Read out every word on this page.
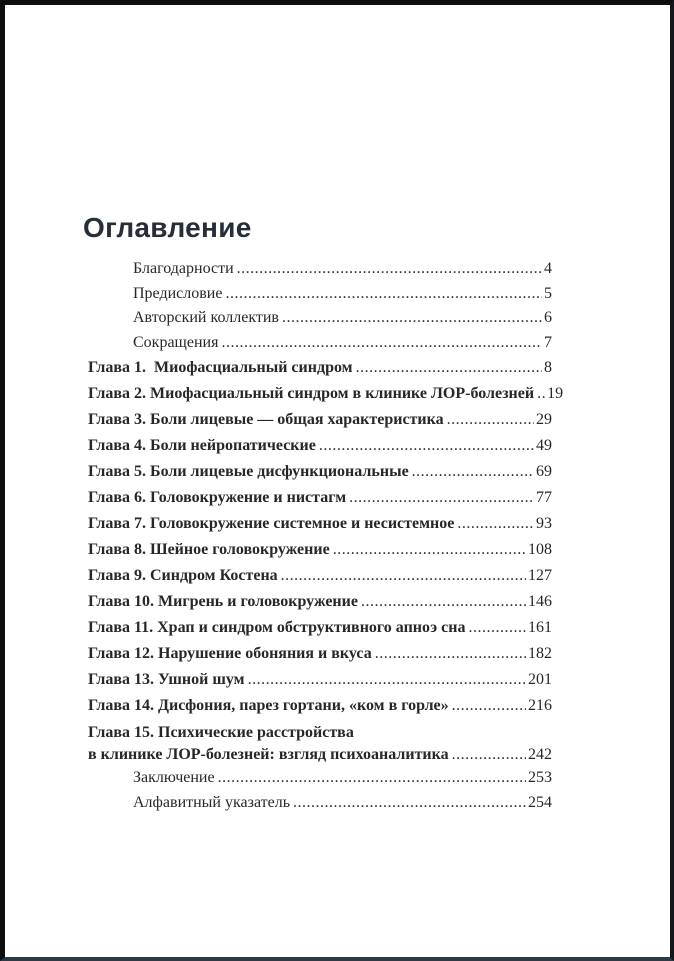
Оглавление
Благодарности .....	4
Предисловие .....	5
Авторский коллектив .....	6
Сокращения .....	7
Глава 1.  Миофасциальный синдром .....	8
Глава 2. Миофасциальный синдром в клинике ЛОР-болезней ..... 19
Глава 3. Боли лицевые — общая характеристика .....	29
Глава 4. Боли нейропатические .....	49
Глава 5. Боли лицевые дисфункциональные .....	69
Глава 6. Головокружение и нистагм .....	77
Глава 7. Головокружение системное и несистемное .....	93
Глава 8. Шейное головокружение .....	108
Глава 9. Синдром Костена .....	127
Глава 10. Мигрень и головокружение .....	146
Глава 11. Храп и синдром обструктивного апноэ сна .....	161
Глава 12. Нарушение обоняния и вкуса .....	182
Глава 13. Ушной шум .....	201
Глава 14. Дисфония, парез гортани, «ком в горле» .....	216
Глава 15. Психические расстройства
в клинике ЛОР-болезней: взгляд психоаналитика .....	242
Заключение .....	253
Алфавитный указатель .....	254
